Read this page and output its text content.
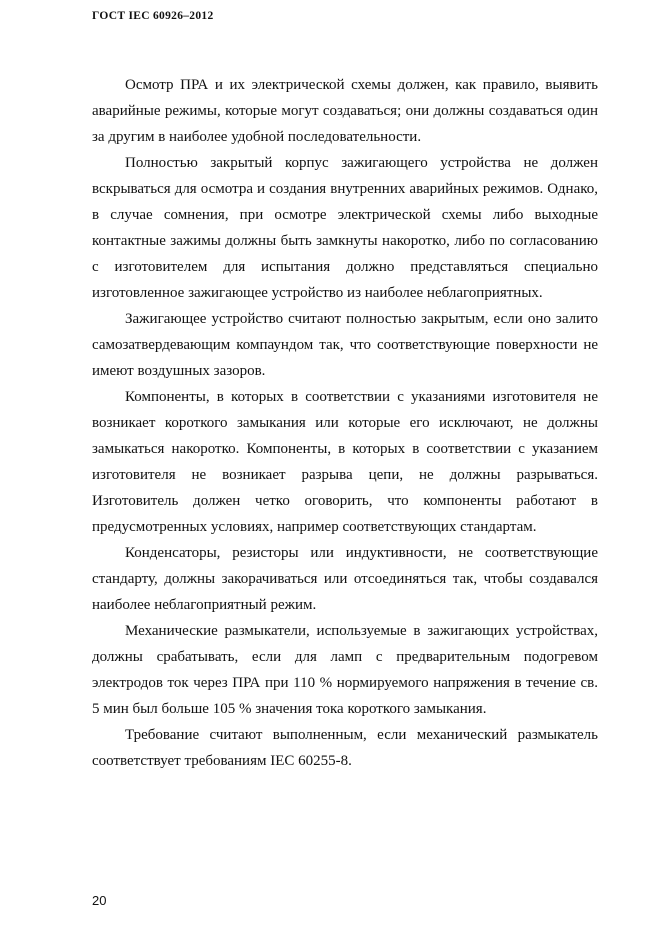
ГОСТ IEC 60926–2012

Осмотр ПРА и их электрической схемы должен, как правило, выявить аварийные режимы, которые могут создаваться; они должны создаваться один за другим в наиболее удобной последовательности.

Полностью закрытый корпус зажигающего устройства не должен вскрываться для осмотра и создания внутренних аварийных режимов. Однако, в случае сомнения, при осмотре электрической схемы либо выходные контактные зажимы должны быть замкнуты накоротко, либо по согласованию с изготовителем для испытания должно представляться специально изготовленное зажигающее устройство из наиболее неблагоприятных.

Зажигающее устройство считают полностью закрытым, если оно залито самозатвердевающим компаундом так, что соответствующие поверхности не имеют воздушных зазоров.

Компоненты, в которых в соответствии с указаниями изготовителя не возникает короткого замыкания или которые его исключают, не должны замыкаться накоротко. Компоненты, в которых в соответствии с указанием изготовителя не возникает разрыва цепи, не должны разрываться. Изготовитель должен четко оговорить, что компоненты работают в предусмотренных условиях, например соответствующих стандартам.

Конденсаторы, резисторы или индуктивности, не соответствующие стандарту, должны закорачиваться или отсоединяться так, чтобы создавался наиболее неблагоприятный режим.

Механические размыкатели, используемые в зажигающих устройствах, должны срабатывать, если для ламп с предварительным подогревом электродов ток через ПРА при 110 % нормируемого напряжения в течение св. 5 мин был больше 105 % значения тока короткого замыкания.

Требование считают выполненным, если механический размыкатель соответствует требованиям IEC 60255-8.

20
